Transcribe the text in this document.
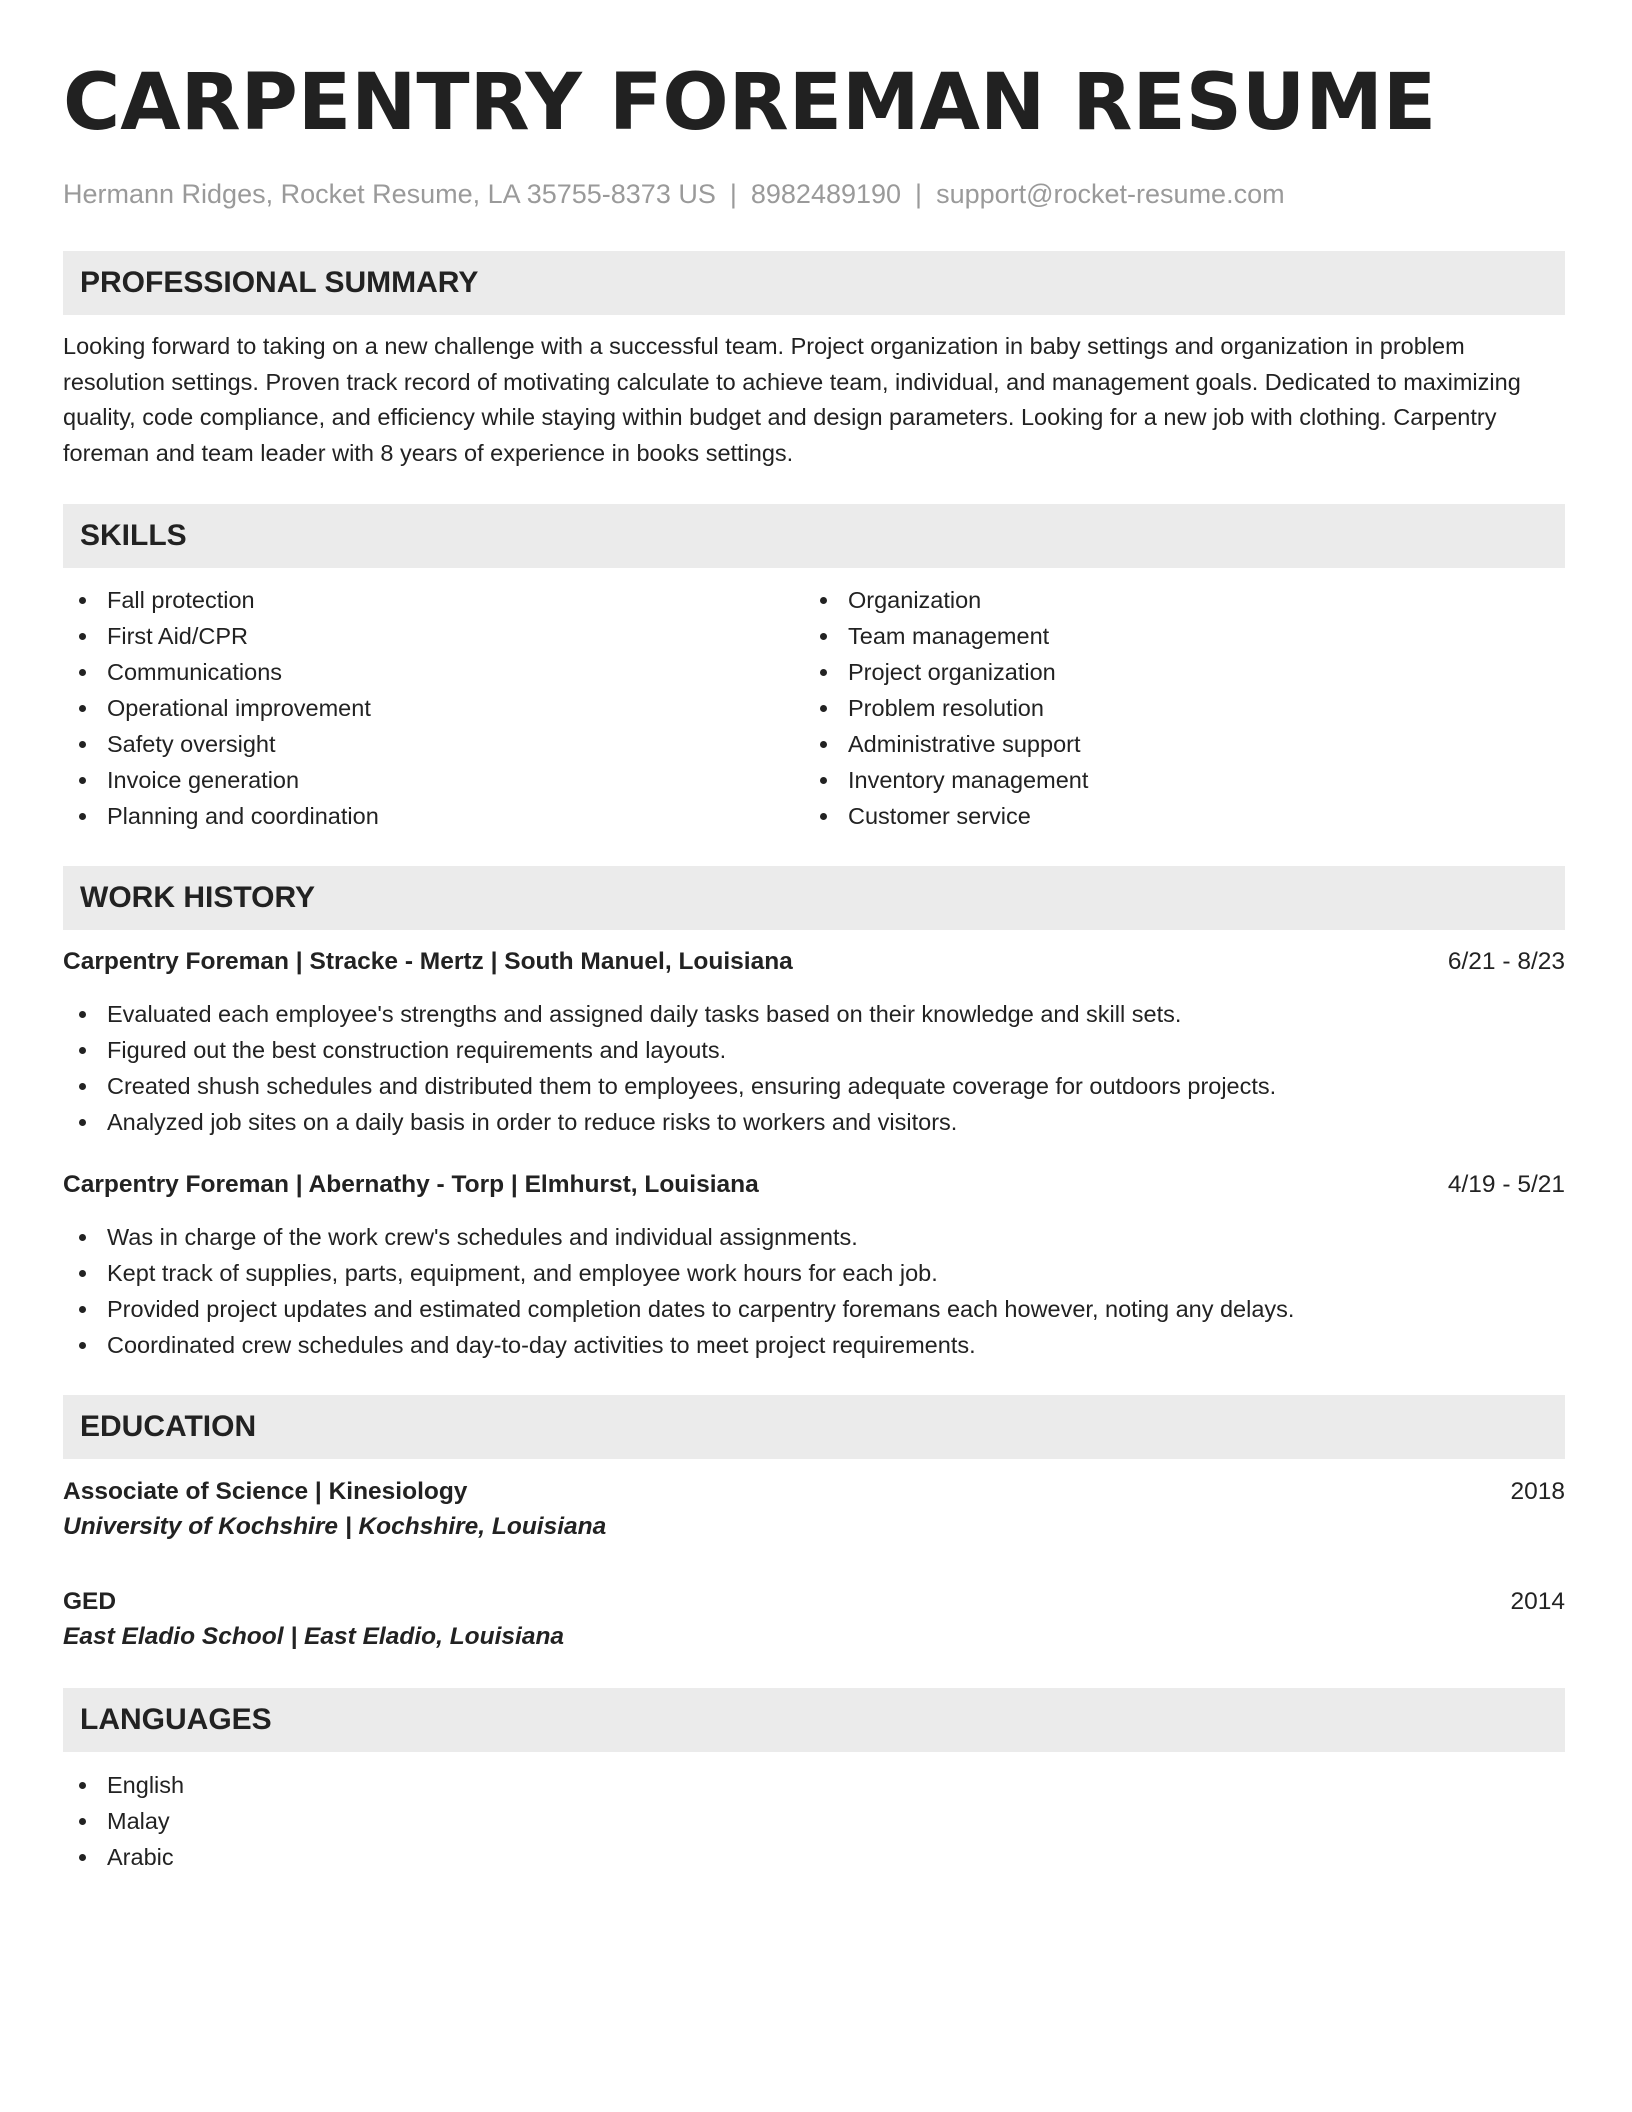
CARPENTRY FOREMAN RESUME
Hermann Ridges, Rocket Resume, LA 35755-8373 US | 8982489190 | support@rocket-resume.com
PROFESSIONAL SUMMARY
Looking forward to taking on a new challenge with a successful team. Project organization in baby settings and organization in problem resolution settings. Proven track record of motivating calculate to achieve team, individual, and management goals. Dedicated to maximizing quality, code compliance, and efficiency while staying within budget and design parameters. Looking for a new job with clothing. Carpentry foreman and team leader with 8 years of experience in books settings.
SKILLS
Fall protection
First Aid/CPR
Communications
Operational improvement
Safety oversight
Invoice generation
Planning and coordination
Organization
Team management
Project organization
Problem resolution
Administrative support
Inventory management
Customer service
WORK HISTORY
Carpentry Foreman | Stracke - Mertz | South Manuel, Louisiana	6/21 - 8/23
Evaluated each employee's strengths and assigned daily tasks based on their knowledge and skill sets.
Figured out the best construction requirements and layouts.
Created shush schedules and distributed them to employees, ensuring adequate coverage for outdoors projects.
Analyzed job sites on a daily basis in order to reduce risks to workers and visitors.
Carpentry Foreman | Abernathy - Torp | Elmhurst, Louisiana	4/19 - 5/21
Was in charge of the work crew's schedules and individual assignments.
Kept track of supplies, parts, equipment, and employee work hours for each job.
Provided project updates and estimated completion dates to carpentry foremans each however, noting any delays.
Coordinated crew schedules and day-to-day activities to meet project requirements.
EDUCATION
Associate of Science | Kinesiology	2018
University of Kochshire | Kochshire, Louisiana
GED	2014
East Eladio School | East Eladio, Louisiana
LANGUAGES
English
Malay
Arabic
